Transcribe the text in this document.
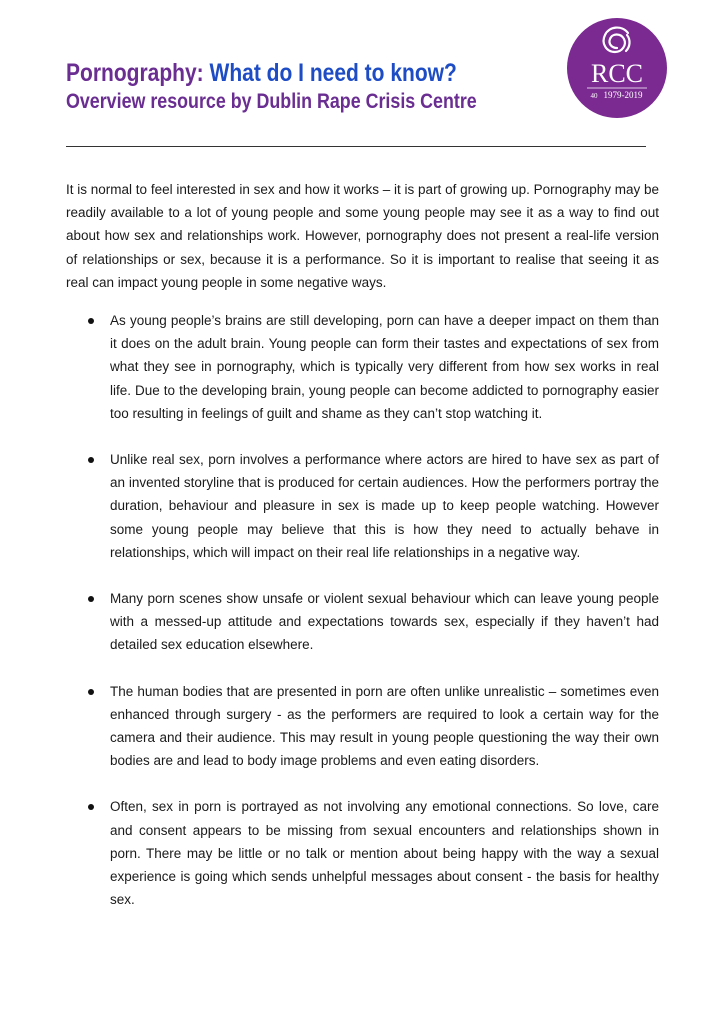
Pornography: What do I need to know?
Overview resource by Dublin Rape Crisis Centre
RCC
40 1979-2019

It is normal to feel interested in sex and how it works – it is part of growing up. Pornography may be readily available to a lot of young people and some young people may see it as a way to find out about how sex and relationships work. However, pornography does not present a real-life version of relationships or sex, because it is a performance. So it is important to realise that seeing it as real can impact young people in some negative ways.

As young people’s brains are still developing, porn can have a deeper impact on them than it does on the adult brain. Young people can form their tastes and expectations of sex from what they see in pornography, which is typically very different from how sex works in real life. Due to the developing brain, young people can become addicted to pornography easier too resulting in feelings of guilt and shame as they can’t stop watching it.
Unlike real sex, porn involves a performance where actors are hired to have sex as part of an invented storyline that is produced for certain audiences. How the performers portray the duration, behaviour and pleasure in sex is made up to keep people watching. However some young people may believe that this is how they need to actually behave in relationships, which will impact on their real life relationships in a negative way.
Many porn scenes show unsafe or violent sexual behaviour which can leave young people with a messed-up attitude and expectations towards sex, especially if they haven’t had detailed sex education elsewhere.
The human bodies that are presented in porn are often unlike unrealistic – sometimes even enhanced through surgery - as the performers are required to look a certain way for the camera and their audience. This may result in young people questioning the way their own bodies are and lead to body image problems and even eating disorders.
Often, sex in porn is portrayed as not involving any emotional connections. So love, care and consent appears to be missing from sexual encounters and relationships shown in porn. There may be little or no talk or mention about being happy with the way a sexual experience is going which sends unhelpful messages about consent - the basis for healthy sex.
